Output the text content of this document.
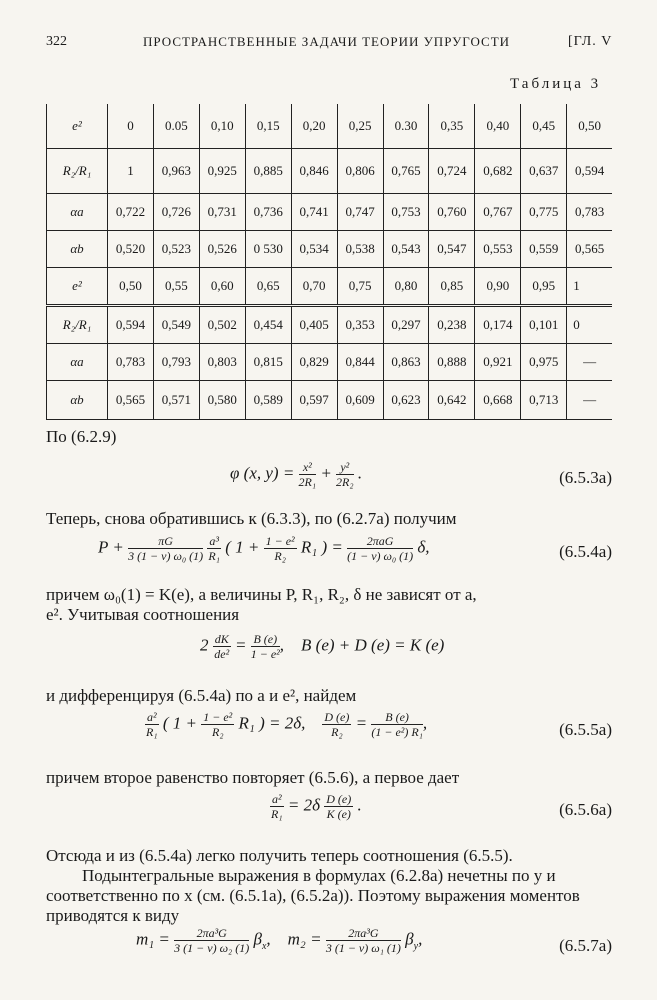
322	ПРОСТРАНСТВЕННЫЕ ЗАДАЧИ ТЕОРИИ УПРУГОСТИ	[ГЛ. V
Таблица 3
e²	0	0.05	0,10	0,15	0,20	0,25	0.30	0,35	0,40	0,45	0,50
R₂/R₁	1	0,963	0,925	0,885	0,846	0,806	0,765	0,724	0,682	0,637	0,594
αa	0,722	0,726	0,731	0,736	0,741	0,747	0,753	0,760	0,767	0,775	0,783
αb	0,520	0,523	0,526	0 530	0,534	0,538	0,543	0,547	0,553	0,559	0,565
e²	0,50	0,55	0,60	0,65	0,70	0,75	0,80	0,85	0,90	0,95	1
R₂/R₁	0,594	0,549	0,502	0,454	0,405	0,353	0,297	0,238	0,174	0,101	0
αa	0,783	0,793	0,803	0,815	0,829	0,844	0,863	0,888	0,921	0,975	—
αb	0,565	0,571	0,580	0,589	0,597	0,609	0,623	0,642	0,668	0,713	—
По (6.2.9)
φ (x, $y) = \frac{\text{x²}}{\text{2R₁}} + \frac{\text{y²}}{\text{2R₂}}$ .	(6.5.3а)
Теперь, снова обратившись к (6.3.3), по (6.2.7а) получим
$P + \frac{\pi G}{\text{3 (1 − ν) ω₀ (1)}}$
$\frac{\text{a³}}{\text{R₁}}$ ( $1 + \frac{\text{1 − e²}}{\text{R₂}} R_1$ ) = $\frac{\text{2πaG}}{\text{(1 − ν) ω₀ (1)}} \delta$,	(6.5.4а)
причем ω₀(1) = K(e), а величины P, R₁, R₂, δ не зависят от a,
e². Учитывая соотношения
$2 \frac{dK}{\text{de²}} = \frac{B (e)}{\text{1 − e²}}$ ,    B (e) + D (e) = K (e)
и дифференцируя (6.5.4а) по a и e², найдем
$\frac{\text{a²}}{\text{R₁}}$ ( $1 + \frac{\text{1 − e²}}{\text{R₂}} R_1$ ) = 2δ, $\frac{D (e)}{\text{R₂}} = \frac{B (e)}{\text{(1 − e²) R₁}}$ ,	(6.5.5а)
причем второе равенство повторяет (6.5.6), а первое дает
$\frac{\text{a²}}{\text{R₁}} = 2\delta \frac{D (e)}{K (e)}$ .	(6.5.6а)
Отсюда и из (6.5.4а) легко получить теперь соотношения (6.5.5).
Подынтегральные выражения в формулах (6.2.8а) нечетны по y и соответственно по x (см. (6.5.1а), (6.5.2а)). Поэтому выражения моментов приводятся к виду
$m_1 = \frac{\text{2πa³G}}{\text{3 (1 − ν) ω₂ (1)}} \beta_x$,    $m_2 = \frac{\text{2πa³G}}{\text{3 (1 − ν) ω₁ (1)}} \beta_y$,	(6.5.7а)
